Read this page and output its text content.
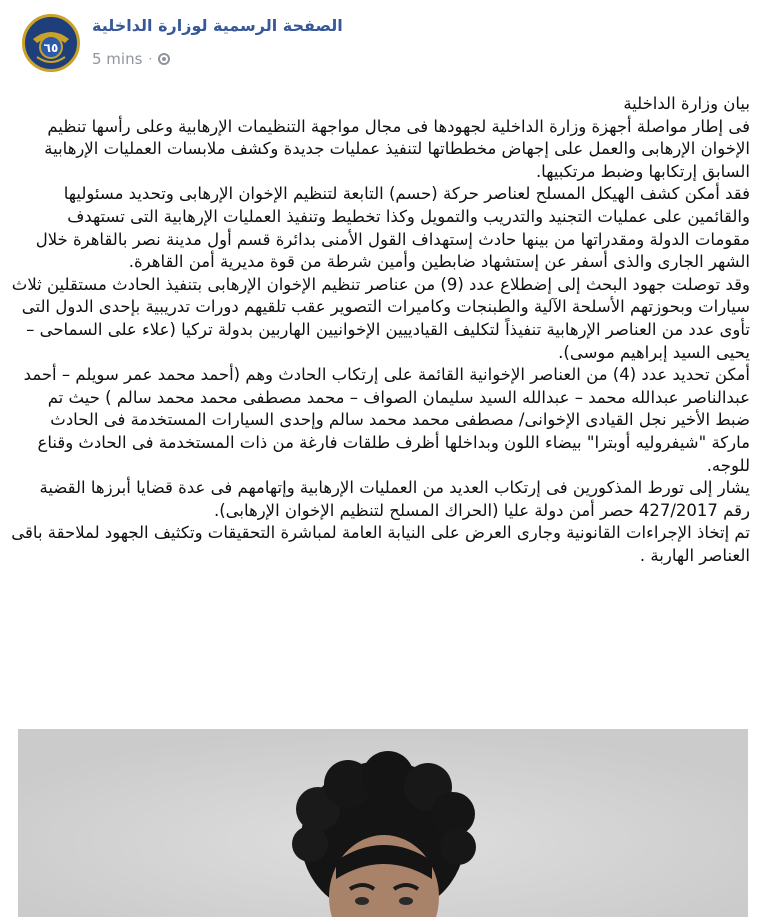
٦٥
الصفحة الرسمية لوزارة الداخلية
5 mins ·

بيان وزارة الداخلية

فى إطار مواصلة أجهزة وزارة الداخلية لجهودها فى مجال مواجهة التنظيمات الإرهابية وعلى رأسها تنظيم الإخوان الإرهابى والعمل على إجهاض مخططاتها لتنفيذ عمليات جديدة وكشف ملابسات العمليات الإرهابية السابق إرتكابها وضبط مرتكبيها.

فقد أمكن كشف الهيكل المسلح لعناصر حركة (حسم) التابعة لتنظيم الإخوان الإرهابى وتحديد مسئوليها والقائمين على عمليات التجنيد والتدريب والتمويل وكذا تخطيط وتنفيذ العمليات الإرهابية التى تستهدف مقومات الدولة ومقدراتها من بينها حادث إستهداف القول الأمنى بدائرة قسم أول مدينة نصر بالقاهرة خلال الشهر الجارى والذى أسفر عن إستشهاد ضابطين وأمين شرطة من قوة مديرية أمن القاهرة.

وقد توصلت جهود البحث إلى إضطلاع عدد (9) من عناصر تنظيم الإخوان الإرهابى بتنفيذ الحادث مستقلين ثلاث سيارات وبحوزتهم الأسلحة الآلية والطبنجات وكاميرات التصوير عقب تلقيهم دورات تدريبية بإحدى الدول التى تأوى عدد من العناصر الإرهابية تنفيذاً لتكليف القيادييين الإخوانيين الهاربين بدولة تركيا (علاء على السماحى – يحيى السيد إبراهيم موسى).

أمكن تحديد عدد (4) من العناصر الإخوانية القائمة على إرتكاب الحادث وهم (أحمد محمد عمر سويلم – أحمد عبدالناصر عبدالله محمد – عبدالله السيد سليمان الصواف – محمد مصطفى محمد محمد سالم ) حيث تم ضبط الأخير نجل القيادى الإخوانى/ مصطفى محمد محمد سالم وإحدى السيارات المستخدمة فى الحادث ماركة "شيفروليه أوبترا" بيضاء اللون وبداخلها أظرف طلقات فارغة من ذات المستخدمة فى الحادث وقناع للوجه.

يشار إلى تورط المذكورين فى إرتكاب العديد من العمليات الإرهابية وإتهامهم فى عدة قضايا أبرزها القضية رقم 427/2017 حصر أمن دولة عليا (الحراك المسلح لتنظيم الإخوان الإرهابى).

تم إتخاذ الإجراءات القانونية وجارى العرض على النيابة العامة لمباشرة التحقيقات وتكثيف الجهود لملاحقة باقى العناصر الهاربة .
